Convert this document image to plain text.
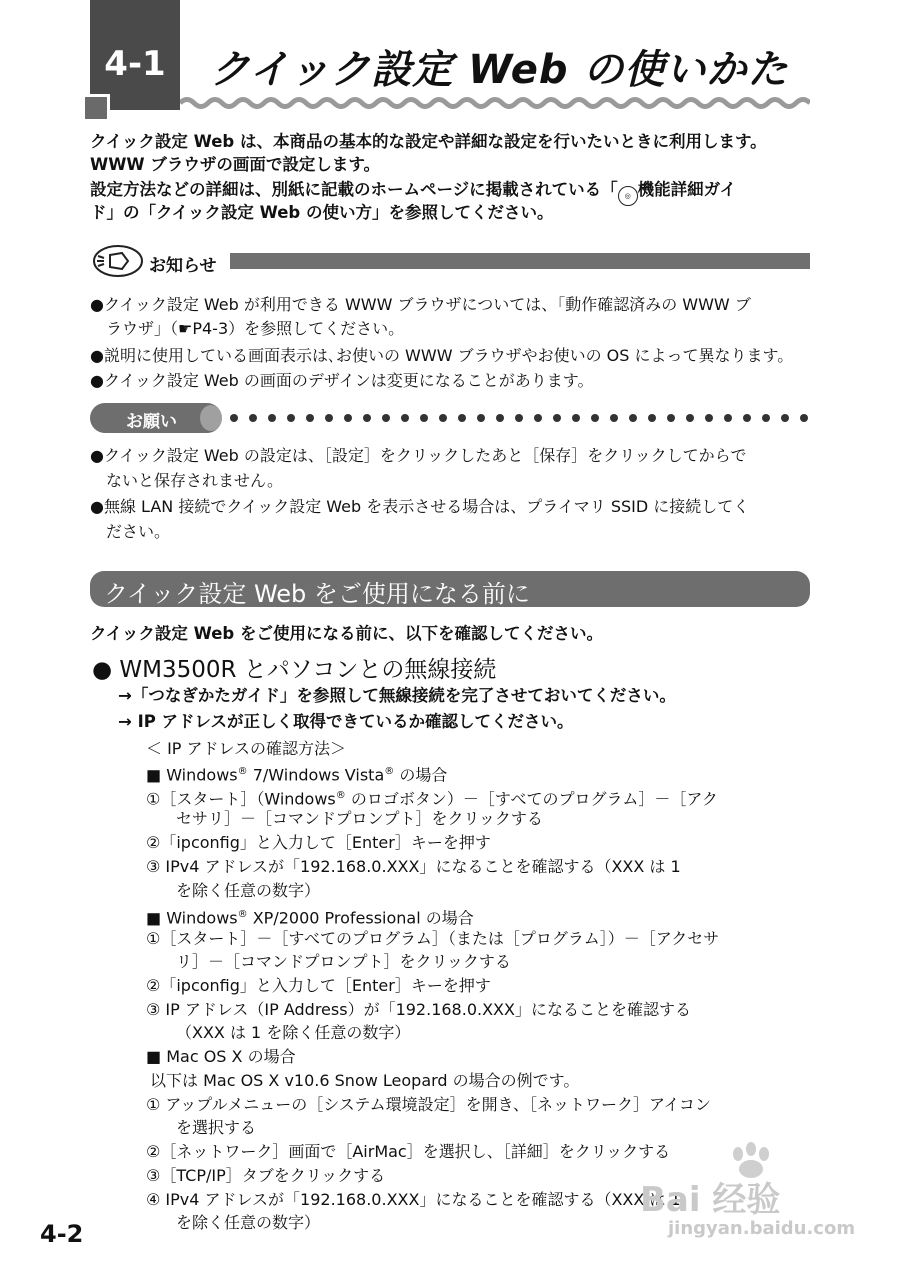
4-1	クイック設定 Web の使いかた
クイック設定 Web は、本商品の基本的な設定や詳細な設定を行いたいときに利用します。
WWW ブラウザの画面で設定します。
設定方法などの詳細は、別紙に記載のホームページに掲載されている「 ◎ 機能詳細ガイ
ド」の「クイック設定 Web の使い方」を参照してください。
お知らせ
●クイック設定 Web が利用できる WWW ブラウザについては、「動作確認済みの WWW ブ
ラウザ」（☛P4-3）を参照してください。
●説明に使用している画面表示は､お使いの WWW ブラウザやお使いの OS によって異なります。
●クイック設定 Web の画面のデザインは変更になることがあります。
お願い
●クイック設定 Web の設定は、［設定］をクリックしたあと［保存］をクリックしてからで
ないと保存されません。
●無線 LAN 接続でクイック設定 Web を表示させる場合は、プライマリ SSID に接続してく
ださい。
クイック設定 Web をご使用になる前に
クイック設定 Web をご使用になる前に、以下を確認してください。
● WM3500R とパソコンとの無線接続
→「つなぎかたガイド」を参照して無線接続を完了させておいてください。
→ IP アドレスが正しく取得できているか確認してください。
＜ IP アドレスの確認方法＞
■ Windows® 7/Windows Vista® の場合
①［スタート］（Windows® のロゴボタン）－［すべてのプログラム］－［アク
セサリ］－［コマンドプロンプト］をクリックする
②「ipconfig」と入力して［Enter］キーを押す
③ IPv4 アドレスが「192.168.0.XXX」になることを確認する（XXX は 1
を除く任意の数字）
■ Windows® XP/2000 Professional の場合
①［スタート］－［すべてのプログラム］（または［プログラム］）－［アクセサ
リ］－［コマンドプロンプト］をクリックする
②「ipconfig」と入力して［Enter］キーを押す
③ IP アドレス（IP Address）が「192.168.0.XXX」になることを確認する
（XXX は 1 を除く任意の数字）
■ Mac OS X の場合
以下は Mac OS X v10.6 Snow Leopard の場合の例です。
① アップルメニューの［システム環境設定］を開き、［ネットワーク］アイコン
を選択する
②［ネットワーク］画面で［AirMac］を選択し、［詳細］をクリックする
③［TCP/IP］タブをクリックする
④ IPv4 アドレスが「192.168.0.XXX」になることを確認する（XXX は 1
を除く任意の数字）
4-2
Bai 经验
jingyan.baidu.com
